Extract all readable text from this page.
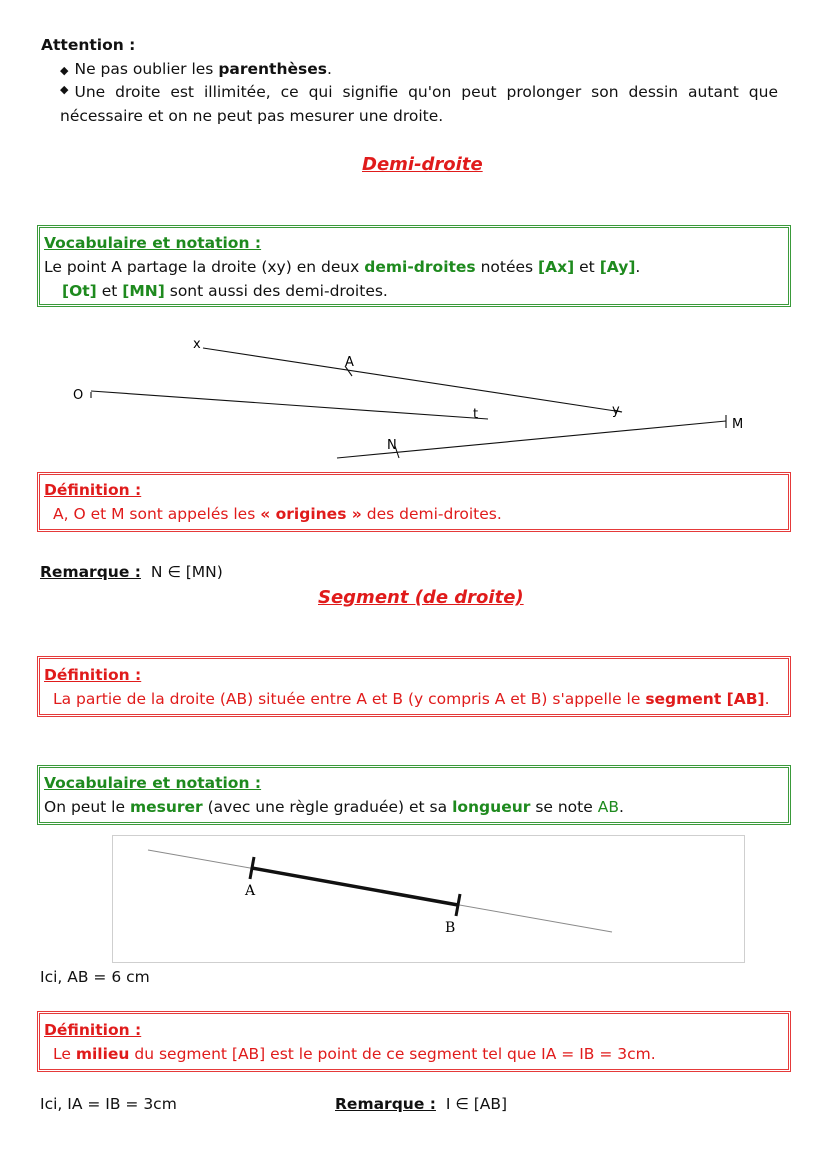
Attention :
◆ Ne pas oublier les parenthèses.
◆ Une droite est illimitée, ce qui signifie qu'on peut prolonger son dessin autant que
nécessaire et on ne peut pas mesurer une droite.
Demi-droite
Vocabulaire et notation :
Le point A partage la droite (xy) en deux demi-droites notées [Ax] et [Ay].
[Ot] et [MN] sont aussi des demi-droites.
x
A
y
O
t
N
M
Définition :
A, O et M sont appelés les « origines » des demi-droites.
Remarque : N ∈ [MN)
Segment (de droite)
Définition :
La partie de la droite (AB) située entre A et B (y compris A et B) s'appelle le segment [AB].
Vocabulaire et notation :
On peut le mesurer (avec une règle graduée) et sa longueur se note AB.
A
B
Ici, AB = 6 cm
Définition :
Le milieu du segment [AB] est le point de ce segment tel que IA = IB = 3cm.
Ici, IA = IB = 3cm	Remarque : I ∈ [AB]
